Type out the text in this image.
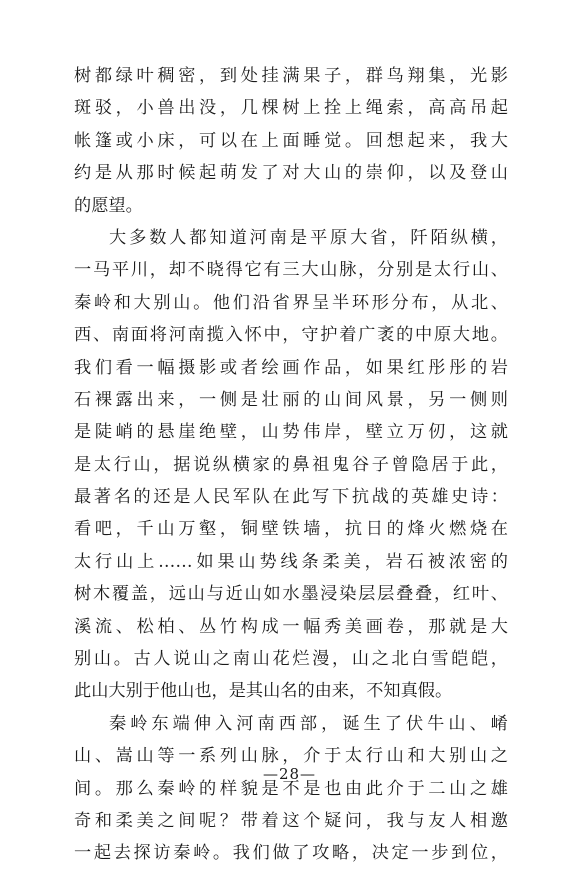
树都绿叶稠密，到处挂满果子，群鸟翔集，光影
斑驳，小兽出没，几棵树上拴上绳索，高高吊起
帐篷或小床，可以在上面睡觉。回想起来，我大
约是从那时候起萌发了对大山的崇仰，以及登山
的愿望。
大多数人都知道河南是平原大省，阡陌纵横，
一马平川，却不晓得它有三大山脉，分别是太行山、
秦岭和大别山。他们沿省界呈半环形分布，从北、
西、南面将河南揽入怀中，守护着广袤的中原大地。
我们看一幅摄影或者绘画作品，如果红彤彤的岩
石裸露出来，一侧是壮丽的山间风景，另一侧则
是陡峭的悬崖绝壁，山势伟岸，壁立万仞，这就
是太行山，据说纵横家的鼻祖鬼谷子曾隐居于此，
最著名的还是人民军队在此写下抗战的英雄史诗：
看吧，千山万壑，铜壁铁墙，抗日的烽火燃烧在
太行山上……如果山势线条柔美，岩石被浓密的
树木覆盖，远山与近山如水墨浸染层层叠叠，红叶、
溪流、松柏、丛竹构成一幅秀美画卷，那就是大
别山。古人说山之南山花烂漫，山之北白雪皑皑，
此山大别于他山也，是其山名的由来，不知真假。
秦岭东端伸入河南西部，诞生了伏牛山、崤
山、嵩山等一系列山脉，介于太行山和大别山之
间。那么秦岭的样貌是不是也由此介于二山之雄
奇和柔美之间呢？带着这个疑问，我与友人相邀
一起去探访秦岭。我们做了攻略，决定一步到位，
—28—
